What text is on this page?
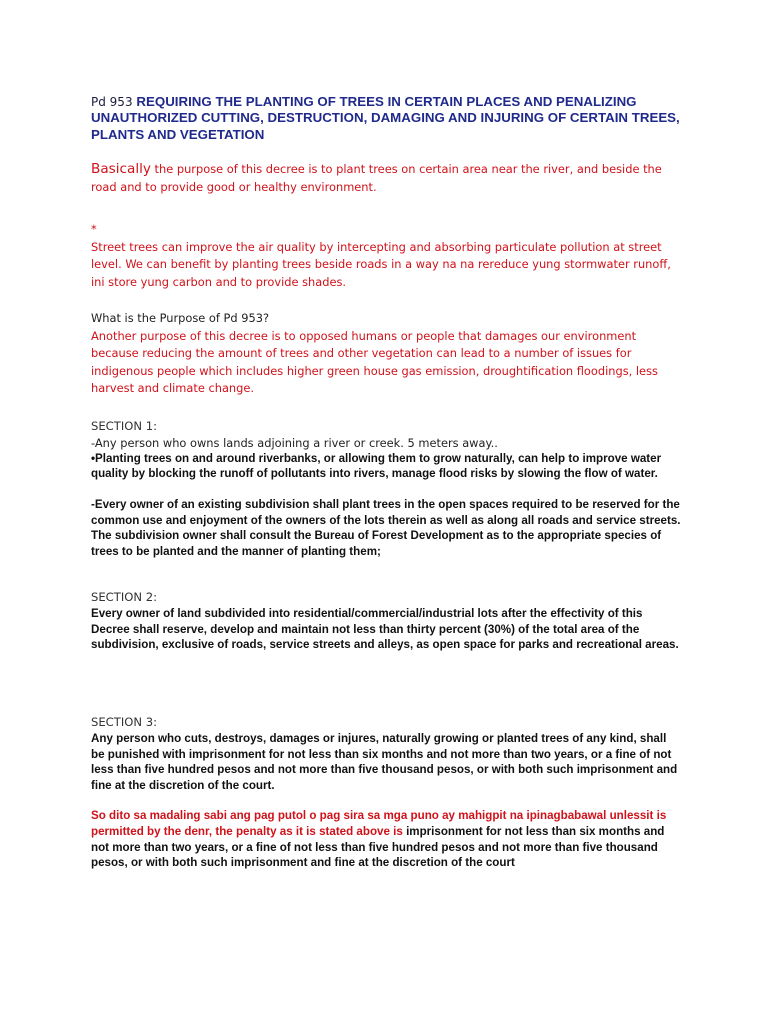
Pd 953 REQUIRING THE PLANTING OF TREES IN CERTAIN PLACES AND PENALIZING UNAUTHORIZED CUTTING, DESTRUCTION, DAMAGING AND INJURING OF CERTAIN TREES, PLANTS AND VEGETATION

Basically the purpose of this decree is to plant trees on certain area near the river, and beside the road and to provide good or healthy environment.

*

Street trees can improve the air quality by intercepting and absorbing particulate pollution at street level. We can benefit by planting trees beside roads in a way na na rereduce yung stormwater runoff, ini store yung carbon and to provide shades.

What is the Purpose of Pd 953?

Another purpose of this decree is to opposed humans or people that damages our environment because reducing the amount of trees and other vegetation can lead to a number of issues for indigenous people which includes higher green house gas emission, droughtification floodings, less harvest and climate change.

SECTION 1:

-Any person who owns lands adjoining a river or creek. 5 meters away..

•Planting trees on and around riverbanks, or allowing them to grow naturally, can help to improve water quality by blocking the runoff of pollutants into rivers, manage flood risks by slowing the flow of water.

-Every owner of an existing subdivision shall plant trees in the open spaces required to be reserved for the common use and enjoyment of the owners of the lots therein as well as along all roads and service streets. The subdivision owner shall consult the Bureau of Forest Development as to the appropriate species of trees to be planted and the manner of planting them;

SECTION 2:

Every owner of land subdivided into residential/commercial/industrial lots after the effectivity of this Decree shall reserve, develop and maintain not less than thirty percent (30%) of the total area of the subdivision, exclusive of roads, service streets and alleys, as open space for parks and recreational areas.

SECTION 3:

Any person who cuts, destroys, damages or injures, naturally growing or planted trees of any kind, shall be punished with imprisonment for not less than six months and not more than two years, or a fine of not less than five hundred pesos and not more than five thousand pesos, or with both such imprisonment and fine at the discretion of the court.

So dito sa madaling sabi ang pag putol o pag sira sa mga puno ay mahigpit na ipinagbabawal unlessit is permitted by the denr, the penalty as it is stated above is imprisonment for not less than six months and not more than two years, or a fine of not less than five hundred pesos and not more than five thousand pesos, or with both such imprisonment and fine at the discretion of the court
